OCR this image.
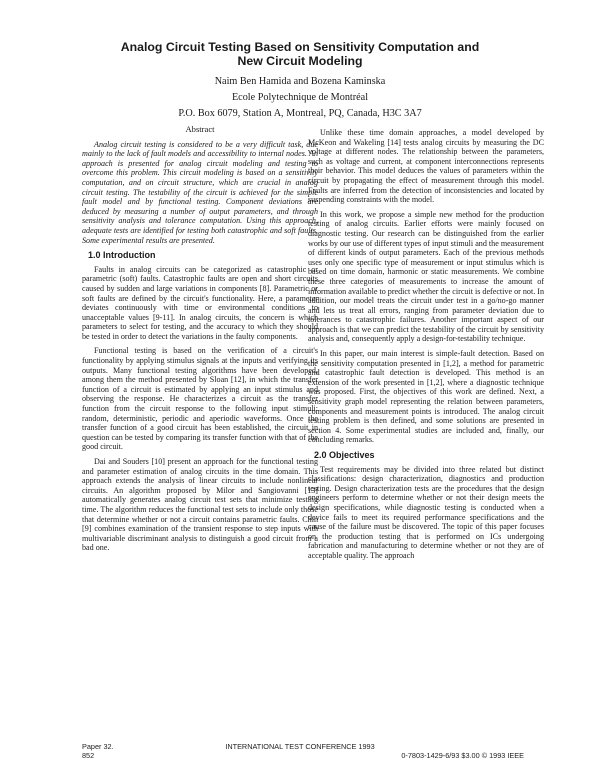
Analog Circuit Testing Based on Sensitivity Computation and

New Circuit Modeling

Naim Ben Hamida and Bozena Kaminska

Ecole Polytechnique de Montréal

P.O. Box 6079, Station A, Montreal, PQ, Canada, H3C 3A7

Abstract

Analog circuit testing is considered to be a very difficult task, due mainly to the lack of fault models and accessibility to internal nodes. An approach is presented for analog circuit modeling and testing to overcome this problem. This circuit modeling is based on a sensitivity computation, and on circuit structure, which are crucial in analog circuit testing. The testability of the circuit is achieved for the simple fault model and by functional testing. Component deviations are deduced by measuring a number of output parameters, and through sensitivity analysis and tolerance computation. Using this approach, adequate tests are identified for testing both catastrophic and soft faults. Some experimental results are presented.

1.0 Introduction

Faults in analog circuits can be categorized as catastrophic or parametric (soft) faults. Catastrophic faults are open and short circuits caused by sudden and large variations in components [8]. Parametric or soft faults are defined by the circuit's functionality. Here, a parameter deviates continuously with time or environmental conditions to unacceptable values [9-11]. In analog circuits, the concern is which parameters to select for testing, and the accuracy to which they should be tested in order to detect the variations in the faulty components.

Functional testing is based on the verification of a circuit's functionality by applying stimulus signals at the inputs and verifying its outputs. Many functional testing algorithms have been developed, among them the method presented by Sloan [12], in which the transfer function of a circuit is estimated by applying an input stimulus and observing the response. He characterizes a circuit as the transfer function from the circuit response to the following input stimuli: random, deterministic, periodic and aperiodic waveforms. Once the transfer function of a good circuit has been established, the circuit in question can be tested by comparing its transfer function with that of the good circuit.

Dai and Souders [10] present an approach for the functional testing and parameter estimation of analog circuits in the time domain. This approach extends the analysis of linear circuits to include nonlinear circuits. An algorithm proposed by Milor and Sangiovanni [13] automatically generates analog circuit test sets that minimize testing time. The algorithm reduces the functional test sets to include only those that determine whether or not a circuit contains parametric faults. Chin [9] combines examination of the transient response to step inputs with multivariable discriminant analysis to distinguish a good circuit from a bad one.

Unlike these time domain approaches, a model developed by McKeon and Wakeling [14] tests analog circuits by measuring the DC voltage at different nodes. The relationship between the parameters, such as voltage and current, at component interconnections represents their behavior. This model deduces the values of parameters within the circuit by propagating the effect of measurement through this model. Faults are inferred from the detection of inconsistencies and located by suspending constraints with the model.

In this work, we propose a simple new method for the production testing of analog circuits. Earlier efforts were mainly focused on diagnostic testing. Our research can be distinguished from the earlier works by our use of different types of input stimuli and the measurement of different kinds of output parameters. Each of the previous methods uses only one specific type of measurement or input stimulus which is based on time domain, harmonic or static measurements. We combine these three categories of measurements to increase the amount of information available to predict whether the circuit is defective or not. In addition, our model treats the circuit under test in a go/no-go manner and lets us treat all errors, ranging from parameter deviation due to tolerances to catastrophic failures. Another important aspect of our approach is that we can predict the testability of the circuit by sensitivity analysis and, consequently apply a design-for-testability technique.

In this paper, our main interest is simple-fault detection. Based on the sensitivity computation presented in [1,2], a method for parametric and catastrophic fault detection is developed. This method is an extension of the work presented in [1,2], where a diagnostic technique was proposed. First, the objectives of this work are defined. Next, a sensitivity graph model representing the relation between parameters, components and measurement points is introduced. The analog circuit testing problem is then defined, and some solutions are presented in section 4. Some experimental studies are included and, finally, our concluding remarks.

2.0 Objectives

Test requirements may be divided into three related but distinct classifications: design characterization, diagnostics and production testing. Design characterization tests are the procedures that the design engineers perform to determine whether or not their design meets the design specifications, while diagnostic testing is conducted when a device fails to meet its required performance specifications and the cause of the failure must be discovered. The topic of this paper focuses on the production testing that is performed on ICs undergoing fabrication and manufacturing to determine whether or not they are of acceptable quality. The approach

Paper 32.
852
INTERNATIONAL TEST CONFERENCE 1993
0-7803-1429-6/93 $3.00 © 1993 IEEE
